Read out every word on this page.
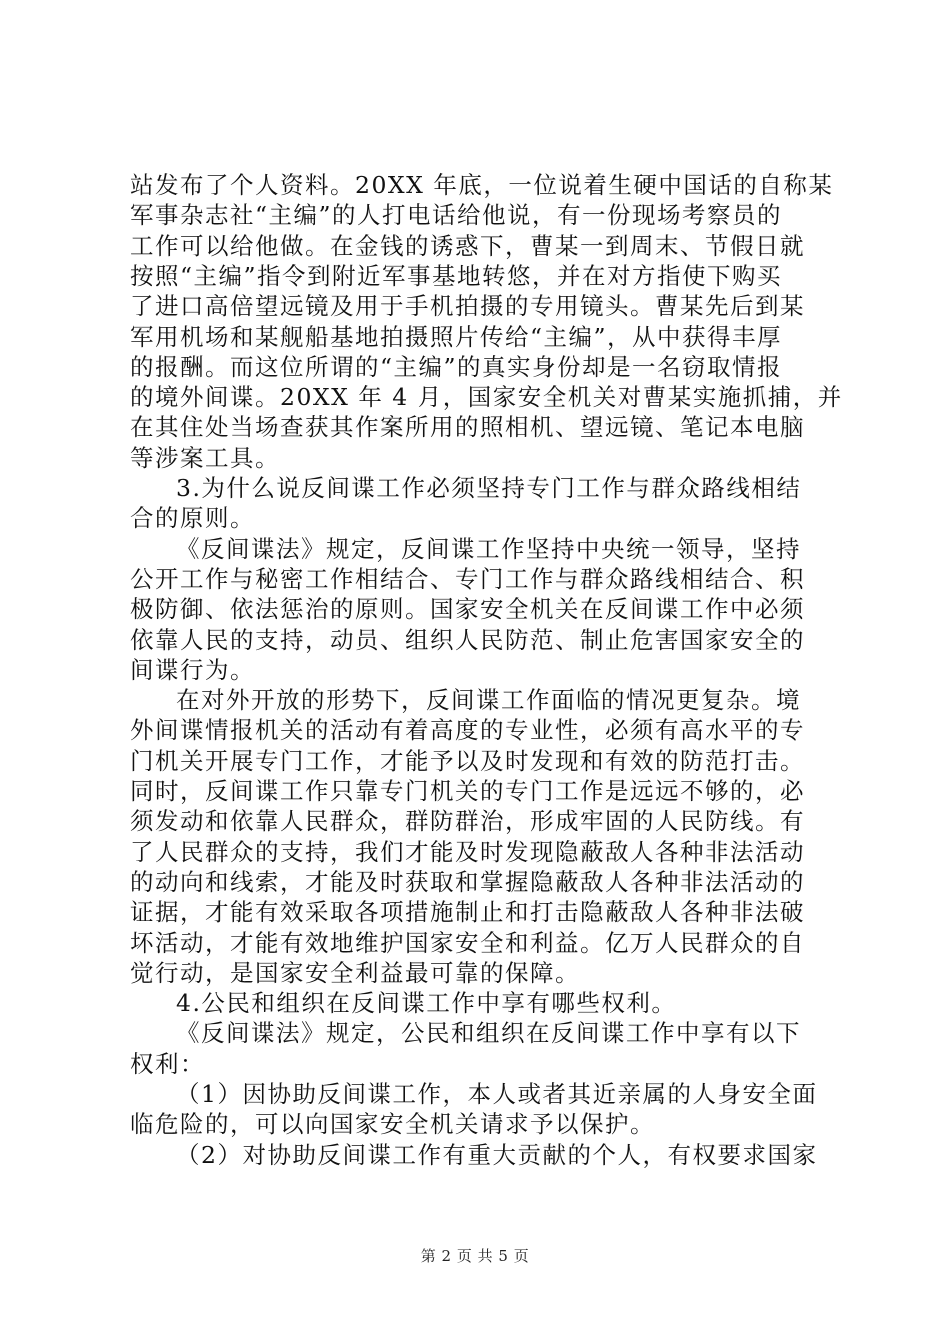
站发布了个人资料。20XX 年底，一位说着生硬中国话的自称某
军事杂志社“主编”的人打电话给他说，有一份现场考察员的
工作可以给他做。在金钱的诱惑下，曹某一到周末、节假日就
按照“主编”指令到附近军事基地转悠，并在对方指使下购买
了进口高倍望远镜及用于手机拍摄的专用镜头。曹某先后到某
军用机场和某舰船基地拍摄照片传给“主编”，从中获得丰厚
的报酬。而这位所谓的“主编”的真实身份却是一名窃取情报
的境外间谍。20XX 年 4 月，国家安全机关对曹某实施抓捕，并
在其住处当场查获其作案所用的照相机、望远镜、笔记本电脑
等涉案工具。
3.为什么说反间谍工作必须坚持专门工作与群众路线相结
合的原则。
《反间谍法》规定，反间谍工作坚持中央统一领导，坚持
公开工作与秘密工作相结合、专门工作与群众路线相结合、积
极防御、依法惩治的原则。国家安全机关在反间谍工作中必须
依靠人民的支持，动员、组织人民防范、制止危害国家安全的
间谍行为。
在对外开放的形势下，反间谍工作面临的情况更复杂。境
外间谍情报机关的活动有着高度的专业性，必须有高水平的专
门机关开展专门工作，才能予以及时发现和有效的防范打击。
同时，反间谍工作只靠专门机关的专门工作是远远不够的，必
须发动和依靠人民群众，群防群治，形成牢固的人民防线。有
了人民群众的支持，我们才能及时发现隐蔽敌人各种非法活动
的动向和线索，才能及时获取和掌握隐蔽敌人各种非法活动的
证据，才能有效采取各项措施制止和打击隐蔽敌人各种非法破
坏活动，才能有效地维护国家安全和利益。亿万人民群众的自
觉行动，是国家安全利益最可靠的保障。
4.公民和组织在反间谍工作中享有哪些权利。
《反间谍法》规定，公民和组织在反间谍工作中享有以下
权利：
（1）因协助反间谍工作，本人或者其近亲属的人身安全面
临危险的，可以向国家安全机关请求予以保护。
（2）对协助反间谍工作有重大贡献的个人，有权要求国家
第 2 页 共 5 页
